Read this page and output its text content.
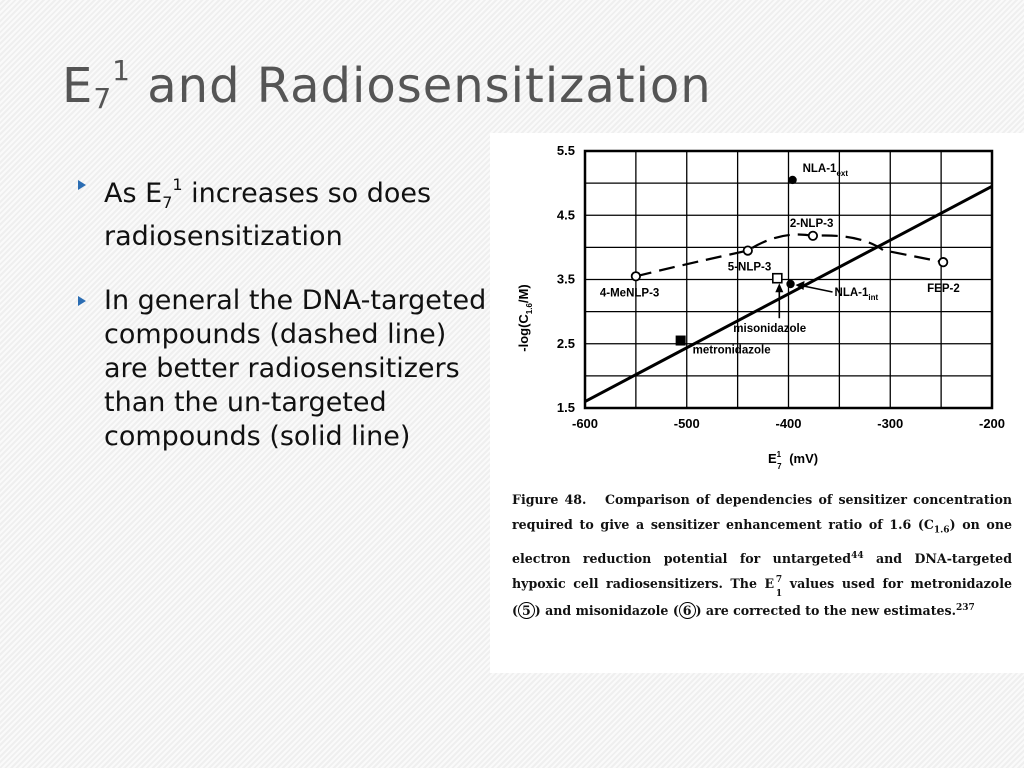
$E_7^1$ and Radiosensitization
As $E_7^1$ increases so does radiosensitization
In general the DNA-targeted compounds (dashed line) are better radiosensitizers than the un-targeted compounds (solid line)	-600	-500	-400	-300	-200
1.5
2.5
3.5
4.5
5.5
$E^1$ 7 (mV)
$-\log(C_{1.6}/M)$
metronidazole
misonidazole
NLA-$1_{int}$
NLA-$1_{ext}$
4-MeNLP-3
5-NLP-3
2-NLP-3
FEP-2
Figure 48. Comparison of dependencies of sensitizer concentration required to give a sensitizer enhancement ratio of 1.6 $(C_{1.6})$ on one electron reduction potential for untargeted$^{44}$ and DNA-targeted hypoxic cell radiosensitizers. The E
1
7 values used for metronidazole ( 5 ) and misonidazole ( 6 ) are corrected to the new estimates.$^{237}$
